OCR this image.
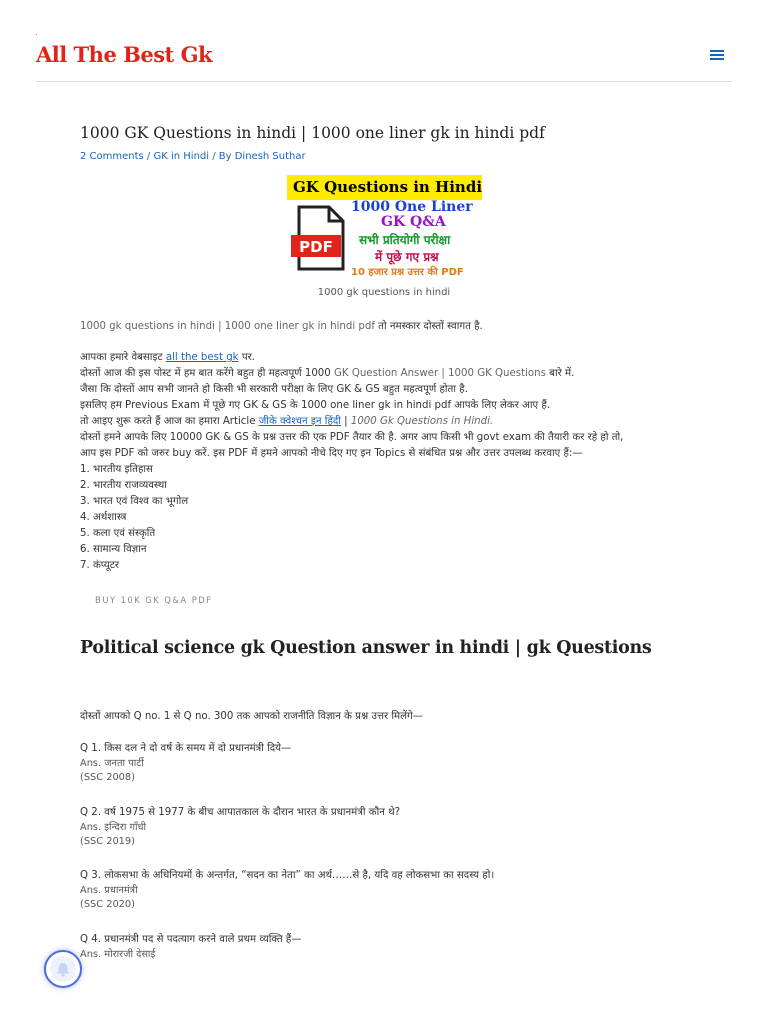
.
All The Best Gk
1000 GK Questions in hindi | 1000 one liner gk in hindi pdf
2 Comments / GK in Hindi / By Dinesh Suthar
GK Questions in Hindi
PDF
1000 One Liner
GK Q&A
सभी प्रतियोगी परीक्षा
में पूछे गए प्रश्न
10 हजार प्रश्न उत्तर की PDF
1000 gk questions in hindi
1000 gk questions in hindi | 1000 one liner gk in hindi pdf तो नमस्कार दोस्तों स्वागत है.
आपका हमारे वेबसाइट all the best gk पर.
दोस्तों आज की इस पोस्ट में हम बात करेंगे बहुत ही महत्वपूर्ण 1000 GK Question Answer | 1000 GK Questions बारे में.
जैसा कि दोस्तों आप सभी जानते हो किसी भी सरकारी परीक्षा के लिए GK & GS बहुत महत्वपूर्ण होता है.
इसलिए हम Previous Exam में पूछे गए GK & GS के 1000 one liner gk in hindi pdf आपके लिए लेकर आए हैं.
तो आइए शुरू करते हैं आज का हमारा Article जीके क्वेश्चन इन हिंदी | 1000 Gk Questions in Hindi.
दोस्तों हमने आपके लिए 10000 GK & GS के प्रश्न उत्तर की एक PDF तैयार की है. अगर आप किसी भी govt exam की तैयारी कर रहे हो तो,
आप इस PDF को जरुर buy करें. इस PDF में हमने आपको नीचे दिए गए इन Topics से संबंधित प्रश्न और उत्तर उपलब्ध करवाए हैं:—
1. भारतीय इतिहास
2. भारतीय राजव्यवस्था
3. भारत एवं विश्व का भूगोल
4. अर्थशास्त्र
5. कला एवं संस्कृति
6. सामान्य विज्ञान
7. कंप्यूटर
BUY 10K GK Q&A PDF
Political science gk Question answer in hindi | gk Questions
दोस्तों आपको Q no. 1 से Q no. 300 तक आपको राजनीति विज्ञान के प्रश्न उत्तर मिलेंगे—
Q 1. किस दल ने दो वर्ष के समय में दो प्रधानमंत्री दिये—
Ans. जनता पार्टी
(SSC 2008)
Q 2. वर्ष 1975 से 1977 के बीच आपातकाल के दौरान भारत के प्रधानमंत्री कौन थे?
Ans. इन्दिरा गाँधी
(SSC 2019)
Q 3. लोकसभा के अधिनियमों के अन्तर्गत, “सदन का नेता” का अर्थ……से है, यदि वह लोकसभा का सदस्य हो।
Ans. प्रधानमंत्री
(SSC 2020)
Q 4. प्रधानमंत्री पद से पदत्याग करने वाले प्रथम व्यक्ति हैं—
Ans. मोरारजी देसाई
